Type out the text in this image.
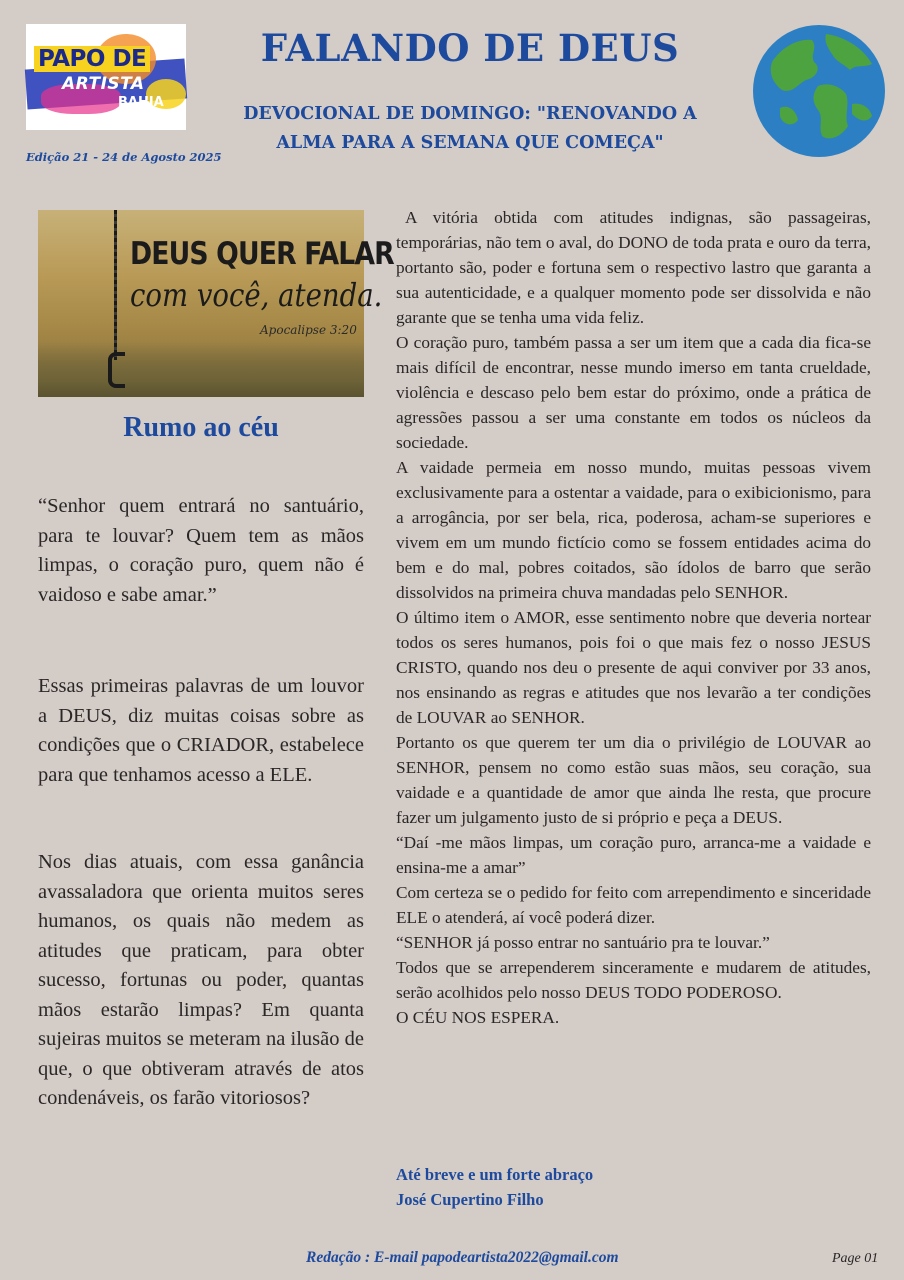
PAPO DE
ARTISTA
BAHIA
FALANDO DE DEUS
DEVOCIONAL DE DOMINGO: "RENOVANDO A
ALMA PARA A SEMANA QUE COMEÇA"
Edição 21 - 24 de Agosto 2025
DEUS QUER FALAR
com você, atenda.
Apocalipse 3:20
Rumo ao céu

“Senhor quem entrará no santuário, para te louvar? Quem tem as mãos limpas, o coração puro, quem não é vaidoso e sabe amar.”

Essas primeiras palavras de um louvor a DEUS, diz muitas coisas sobre as condições que o CRIADOR, estabelece para que tenhamos acesso a ELE.

Nos dias atuais, com essa ganância avassaladora que orienta muitos seres humanos, os quais não medem as atitudes que praticam, para obter sucesso, fortunas ou poder, quantas mãos estarão limpas? Em quanta sujeiras muitos se meteram na ilusão de que, o que obtiveram através de atos condenáveis, os farão vitoriosos?

A vitória obtida com atitudes indignas, são passageiras, temporárias, não tem o aval, do DONO de toda prata e ouro da terra, portanto são, poder e fortuna sem o respectivo lastro que garanta a sua autenticidade, e a qualquer momento pode ser dissolvida e não garante que se tenha uma vida feliz.

O coração puro, também passa a ser um item que a cada dia fica-se mais difícil de encontrar, nesse mundo imerso em tanta crueldade, violência e descaso pelo bem estar do próximo, onde a prática de agressões passou a ser uma constante em todos os núcleos da sociedade.

A vaidade permeia em nosso mundo, muitas pessoas vivem exclusivamente para a ostentar a vaidade, para o exibicionismo, para a arrogância, por ser bela, rica, poderosa, acham-se superiores e vivem em um mundo fictício como se fossem entidades acima do bem e do mal, pobres coitados, são ídolos de barro que serão dissolvidos na primeira chuva mandadas pelo SENHOR.

O último item o AMOR, esse sentimento nobre que deveria nortear todos os seres humanos, pois foi o que mais fez o nosso JESUS CRISTO, quando nos deu o presente de aqui conviver por 33 anos, nos ensinando as regras e atitudes que nos levarão a ter condições de LOUVAR ao SENHOR.

Portanto os que querem ter um dia o privilégio de LOUVAR ao SENHOR, pensem no como estão suas mãos, seu coração, sua vaidade e a quantidade de amor que ainda lhe resta, que procure fazer um julgamento justo de si próprio e peça a DEUS.

“Daí -me mãos limpas, um coração puro, arranca-me a vaidade e ensina-me a amar”

Com certeza se o pedido for feito com arrependimento e sinceridade ELE o atenderá, aí você poderá dizer.

“SENHOR já posso entrar no santuário pra te louvar.”

Todos que se arrependerem sinceramente e mudarem de atitudes, serão acolhidos pelo nosso DEUS TODO PODEROSO.

O CÉU NOS ESPERA.

Até breve e um forte abraço
José Cupertino Filho
Redação : E-mail papodeartista2022@gmail.com	Page 01
